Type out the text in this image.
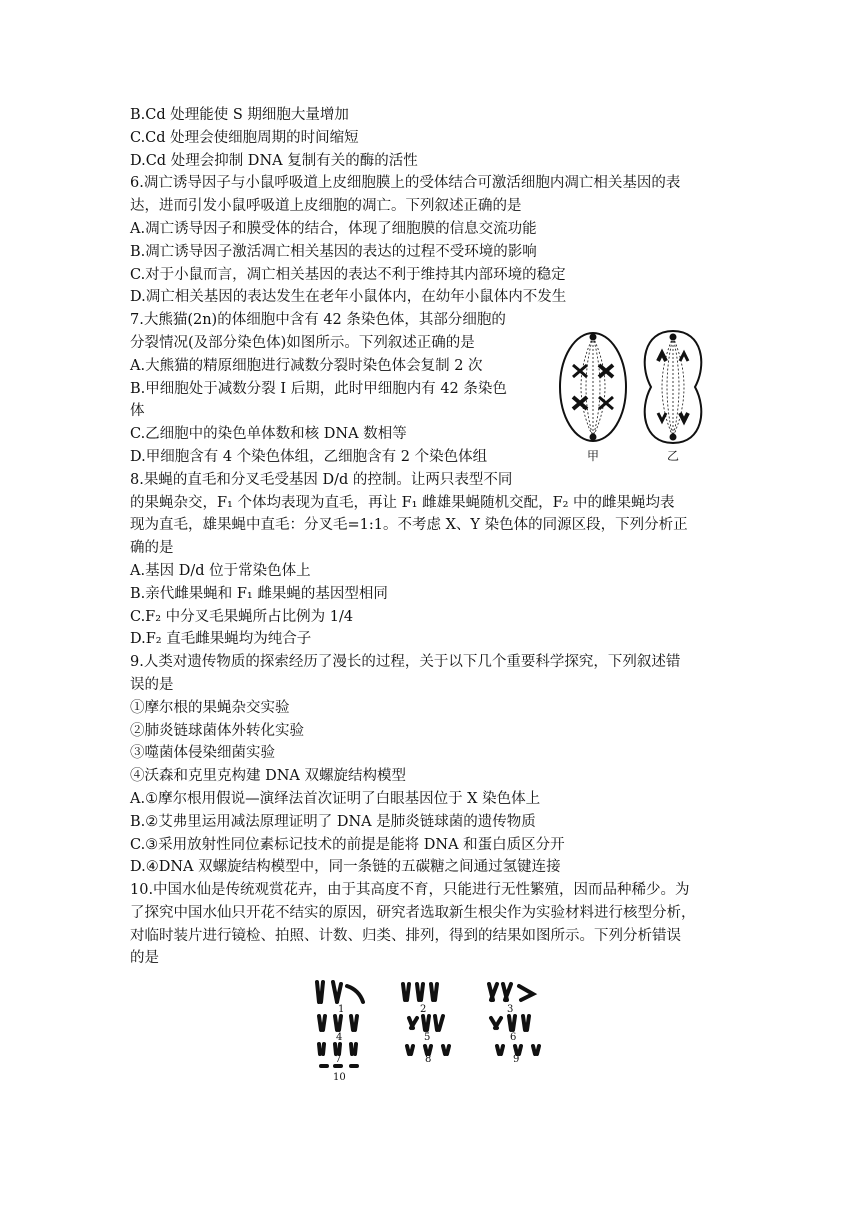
B.Cd 处理能使 S 期细胞大量增加
C.Cd 处理会使细胞周期的时间缩短
D.Cd 处理会抑制 DNA 复制有关的酶的活性
6.凋亡诱导因子与小鼠呼吸道上皮细胞膜上的受体结合可激活细胞内凋亡相关基因的表
达，进而引发小鼠呼吸道上皮细胞的凋亡。下列叙述正确的是
A.凋亡诱导因子和膜受体的结合，体现了细胞膜的信息交流功能
B.凋亡诱导因子激活凋亡相关基因的表达的过程不受环境的影响
C.对于小鼠而言，凋亡相关基因的表达不利于维持其内部环境的稳定
D.凋亡相关基因的表达发生在老年小鼠体内，在幼年小鼠体内不发生
7.大熊猫(2n)的体细胞中含有 42 条染色体，其部分细胞的
分裂情况(及部分染色体)如图所示。下列叙述正确的是
A.大熊猫的精原细胞进行减数分裂时染色体会复制 2 次
B.甲细胞处于减数分裂 I 后期，此时甲细胞内有 42 条染色
体
C.乙细胞中的染色单体数和核 DNA 数相等
D.甲细胞含有 4 个染色体组，乙细胞含有 2 个染色体组
8.果蝇的直毛和分叉毛受基因 D/d 的控制。让两只表型不同
的果蝇杂交，F₁ 个体均表现为直毛，再让 F₁ 雌雄果蝇随机交配，F₂ 中的雌果蝇均表
现为直毛，雄果蝇中直毛：分叉毛=1:1。不考虑 X、Y 染色体的同源区段，下列分析正
确的是
A.基因 D/d 位于常染色体上
B.亲代雌果蝇和 F₁ 雌果蝇的基因型相同
C.F₂ 中分叉毛果蝇所占比例为 1/4
D.F₂ 直毛雌果蝇均为纯合子
9.人类对遗传物质的探索经历了漫长的过程，关于以下几个重要科学探究，下列叙述错
误的是
①摩尔根的果蝇杂交实验
②肺炎链球菌体外转化实验
③噬菌体侵染细菌实验
④沃森和克里克构建 DNA 双螺旋结构模型
A.①摩尔根用假说—演绎法首次证明了白眼基因位于 X 染色体上
B.②艾弗里运用减法原理证明了 DNA 是肺炎链球菌的遗传物质
C.③采用放射性同位素标记技术的前提是能将 DNA 和蛋白质区分开
D.④DNA 双螺旋结构模型中，同一条链的五碳糖之间通过氢键连接
10.中国水仙是传统观赏花卉，由于其高度不育，只能进行无性繁殖，因而品种稀少。为
了探究中国水仙只开花不结实的原因，研究者选取新生根尖作为实验材料进行核型分析，
对临时装片进行镜检、拍照、计数、归类、排列，得到的结果如图所示。下列分析错误
的是
甲	乙
1	2	3
4	5	6
7	8	9
10
